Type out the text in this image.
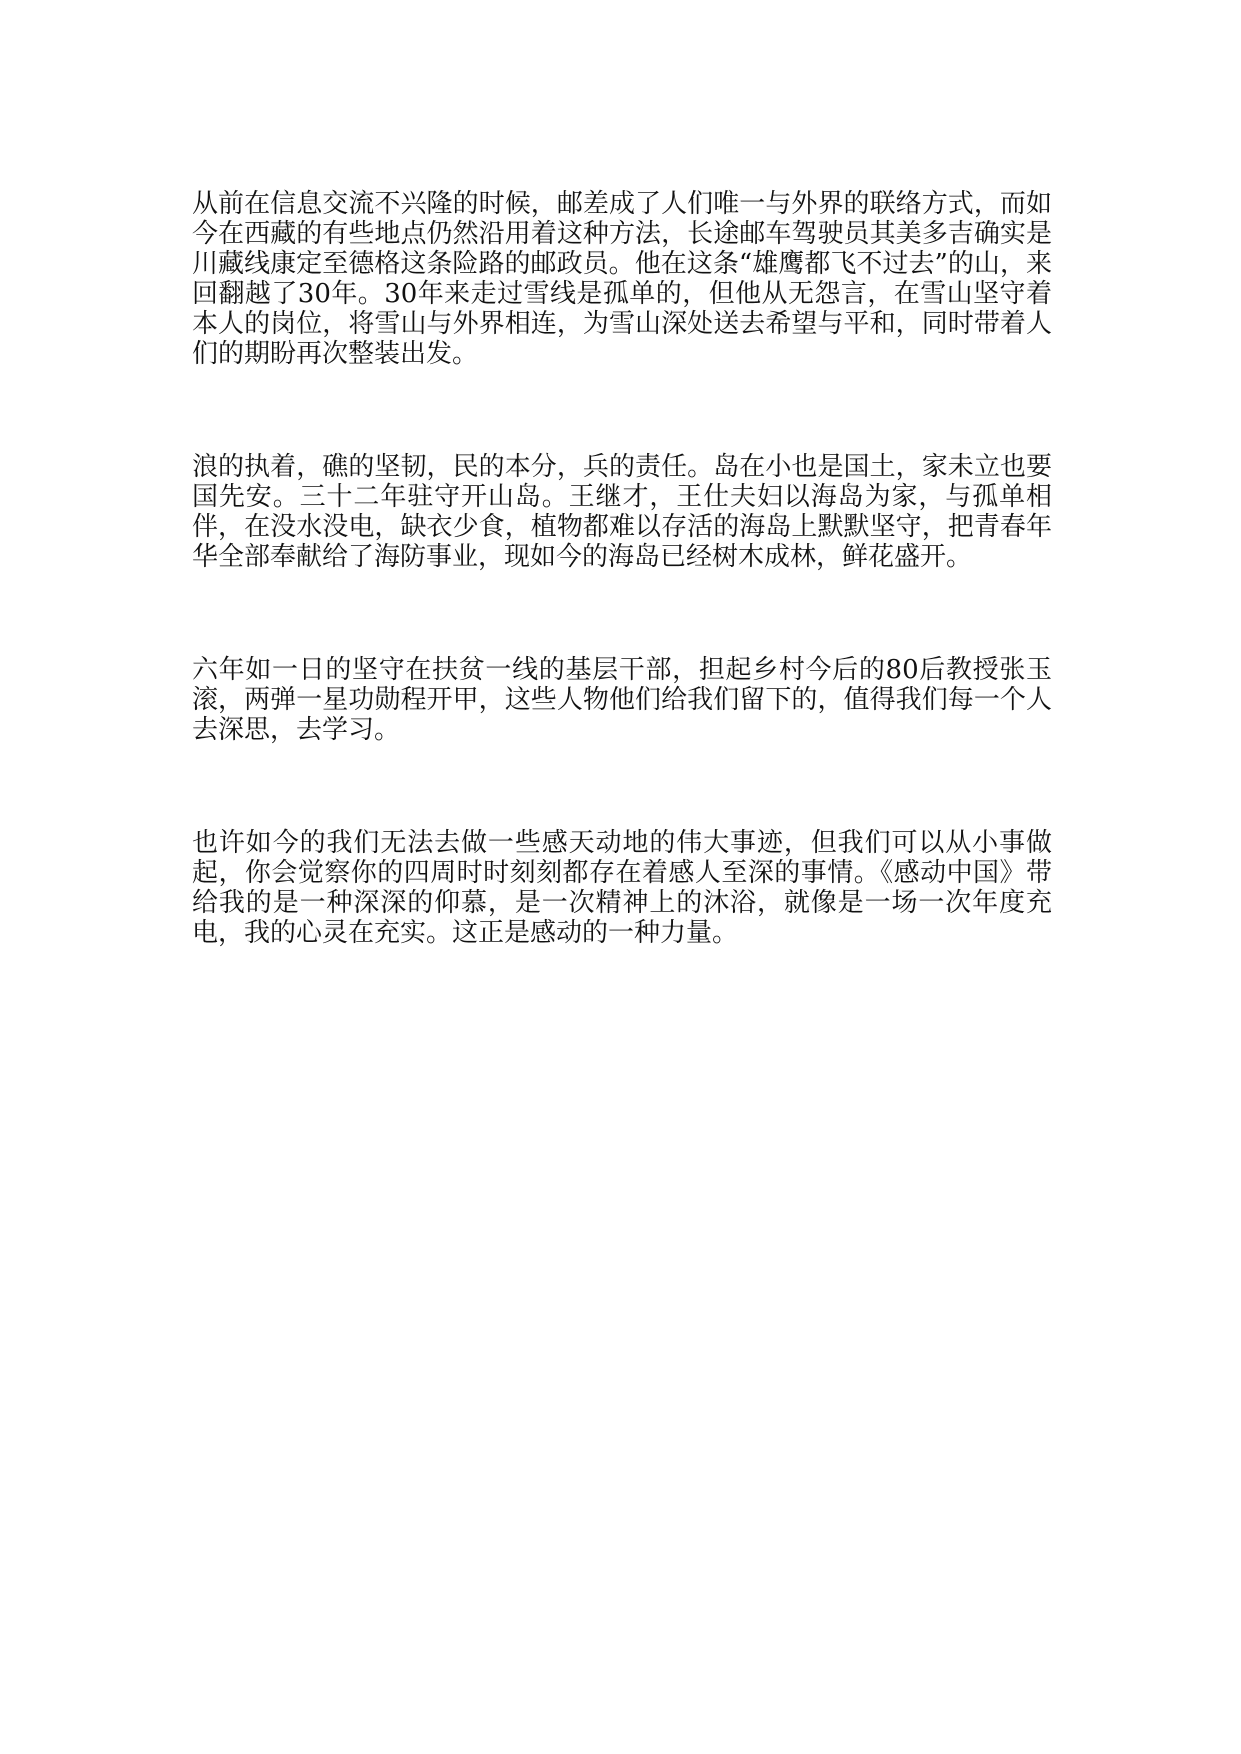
从前在信息交流不兴隆的时候，邮差成了人们唯一与外界的联络方式，而如今在西藏的有些地点仍然沿用着这种方法，长途邮车驾驶员其美多吉确实是川藏线康定至德格这条险路的邮政员。他在这条“雄鹰都飞不过去”的山，来回翻越了30年。30年来走过雪线是孤单的，但他从无怨言，在雪山坚守着本人的岗位，将雪山与外界相连，为雪山深处送去希望与平和，同时带着人们的期盼再次整装出发。

浪的执着，礁的坚韧，民的本分，兵的责任。岛在小也是国土，家未立也要国先安。三十二年驻守开山岛。王继才，王仕夫妇以海岛为家，与孤单相伴，在没水没电，缺衣少食，植物都难以存活的海岛上默默坚守，把青春年华全部奉献给了海防事业，现如今的海岛已经树木成林，鲜花盛开。

六年如一日的坚守在扶贫一线的基层干部，担起乡村今后的80后教授张玉滚，两弹一星功勋程开甲，这些人物他们给我们留下的，值得我们每一个人去深思，去学习。

也许如今的我们无法去做一些感天动地的伟大事迹，但我们可以从小事做起，你会觉察你的四周时时刻刻都存在着感人至深的事情。《感动中国》带给我的是一种深深的仰慕，是一次精神上的沐浴，就像是一场一次年度充电，我的心灵在充实。这正是感动的一种力量。
